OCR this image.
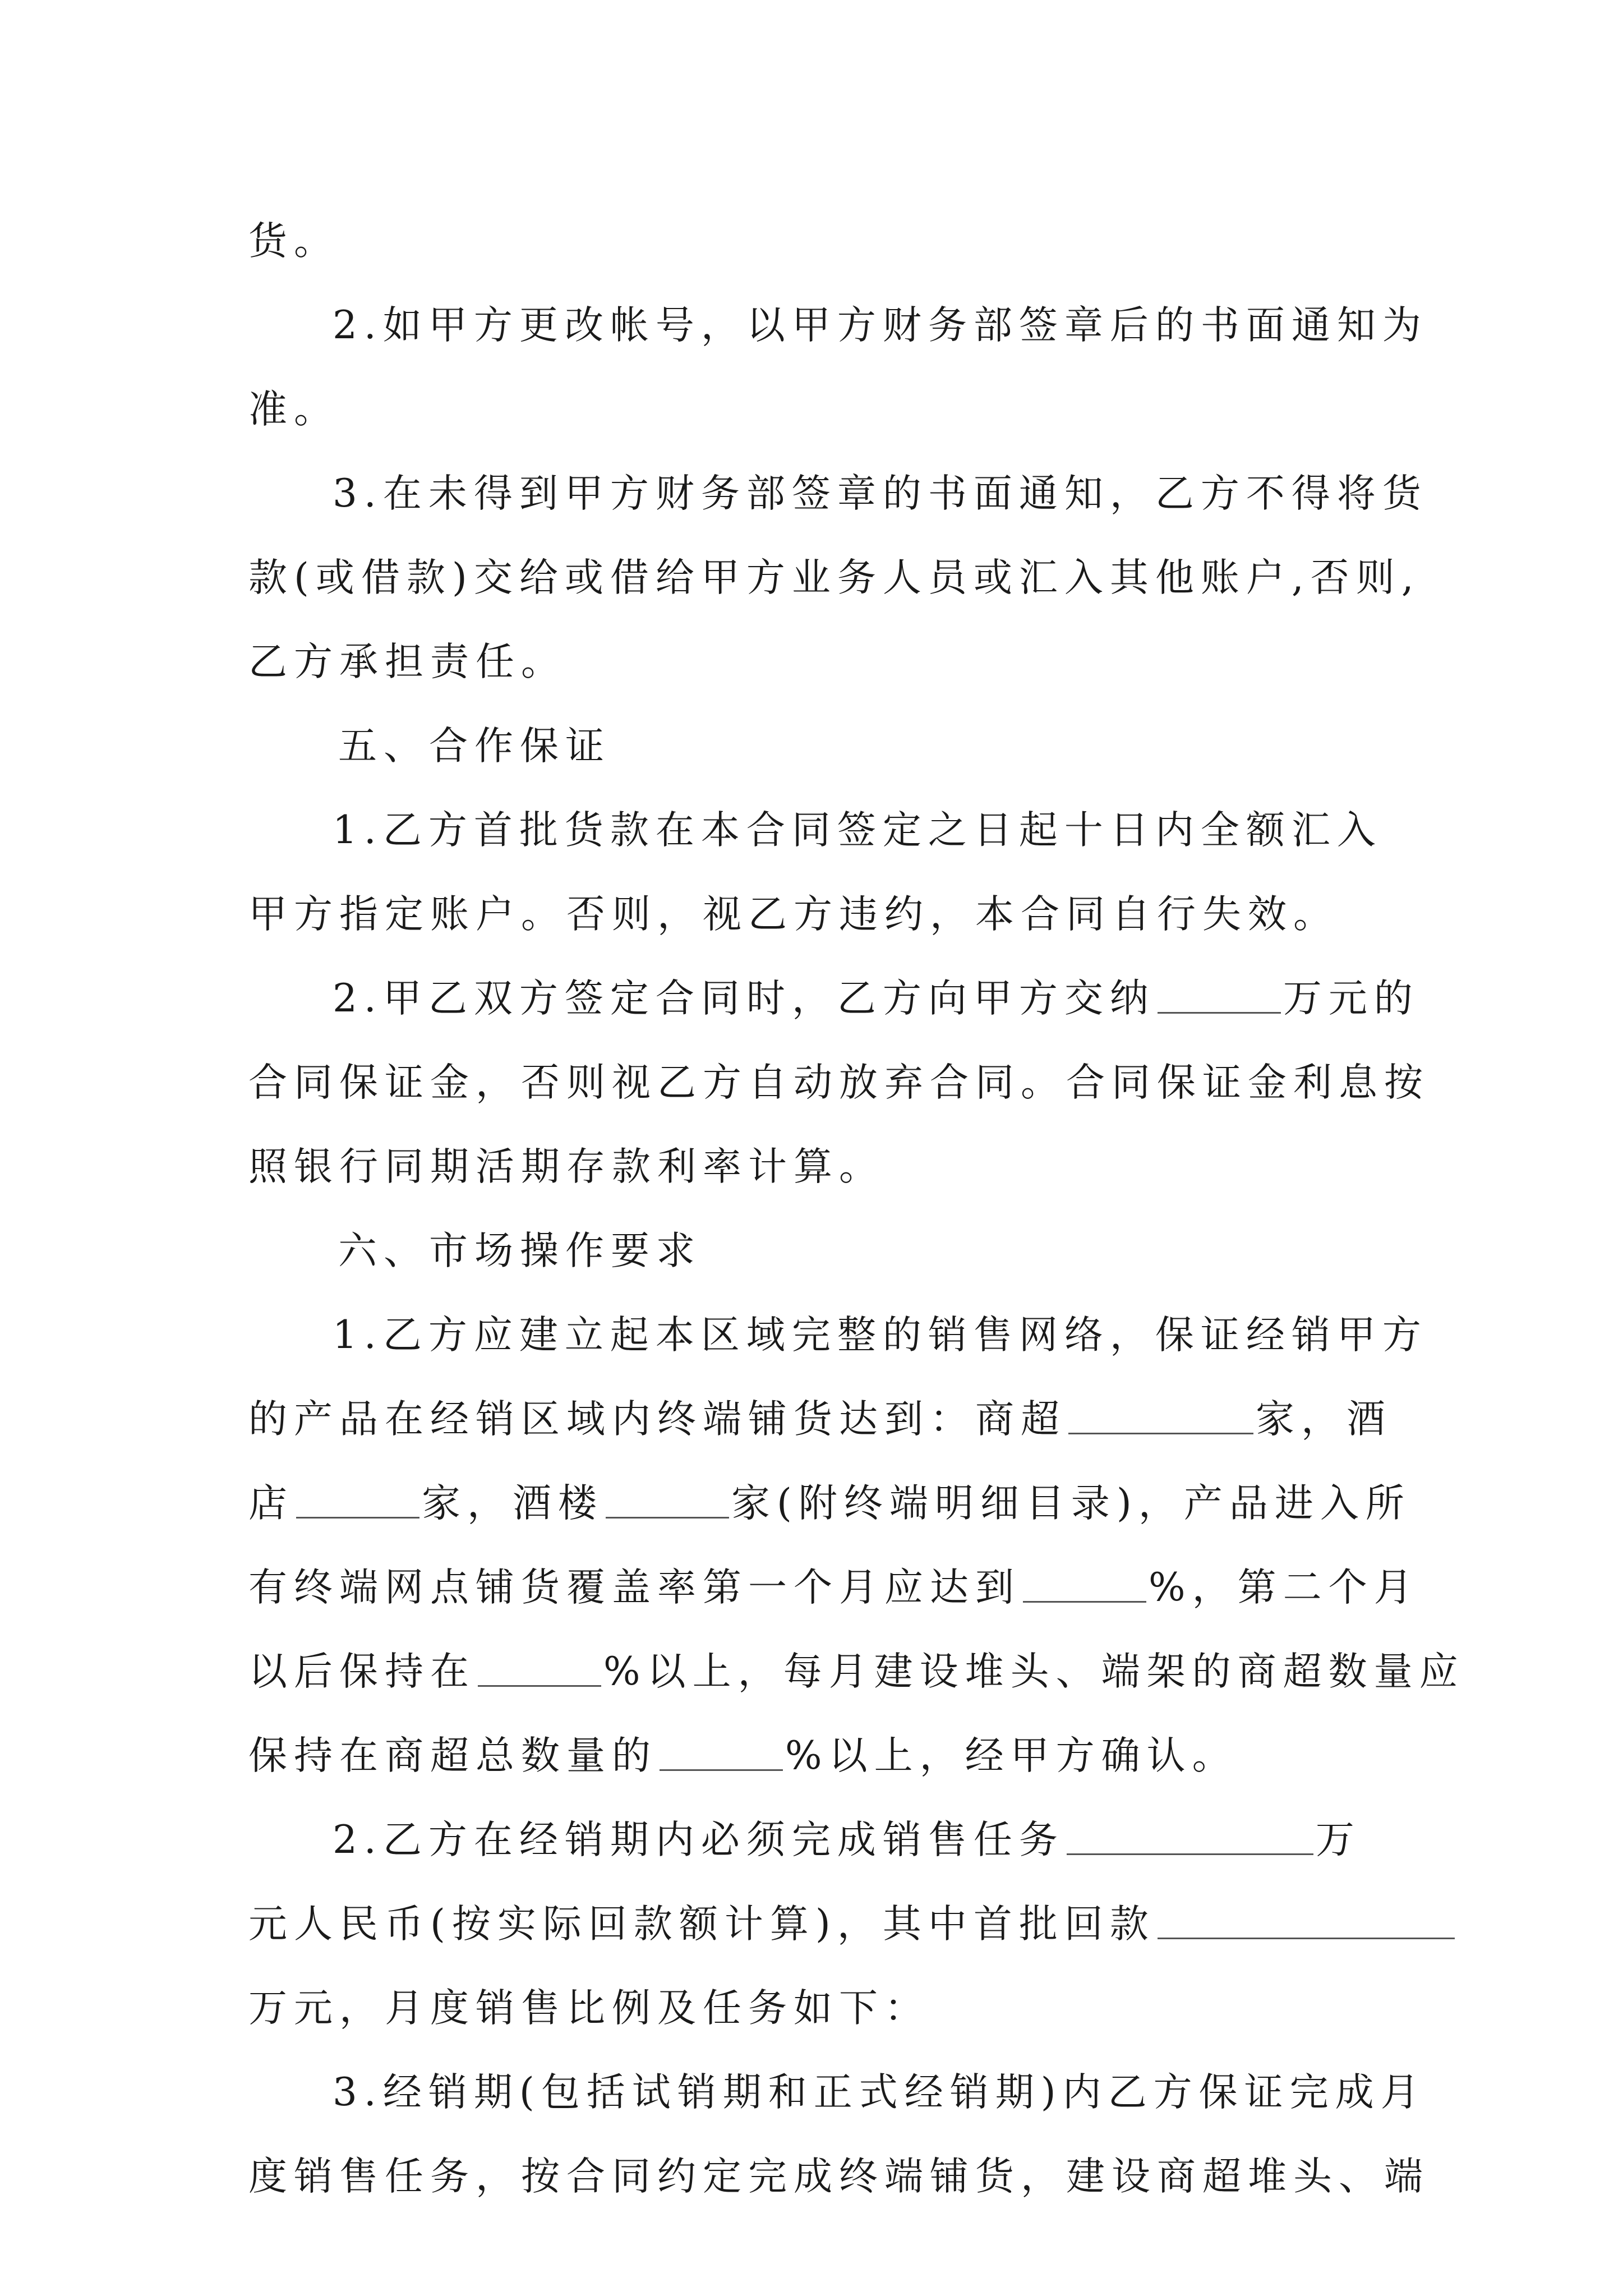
货。
2.如甲方更改帐号，以甲方财务部签章后的书面通知为
准。
3.在未得到甲方财务部签章的书面通知，乙方不得将货
款(或借款)交给或借给甲方业务人员或汇入其他账户,否则,
乙方承担责任。
五、合作保证
1.乙方首批货款在本合同签定之日起十日内全额汇入
甲方指定账户。否则，视乙方违约，本合同自行失效。
2.甲乙双方签定合同时，乙方向甲方交纳	万元的
合同保证金，否则视乙方自动放弃合同。合同保证金利息按
照银行同期活期存款利率计算。
六、市场操作要求
1.乙方应建立起本区域完整的销售网络，保证经销甲方
的产品在经销区域内终端铺货达到：商超	家，酒
店	家，酒楼	家(附终端明细目录)，产品进入所
有终端网点铺货覆盖率第一个月应达到	%，第二个月
以后保持在	%以上，每月建设堆头、端架的商超数量应
保持在商超总数量的	%以上，经甲方确认。
2.乙方在经销期内必须完成销售任务	万
元人民币(按实际回款额计算)，其中首批回款
万元，月度销售比例及任务如下：
3.经销期(包括试销期和正式经销期)内乙方保证完成月
度销售任务，按合同约定完成终端铺货，建设商超堆头、端
